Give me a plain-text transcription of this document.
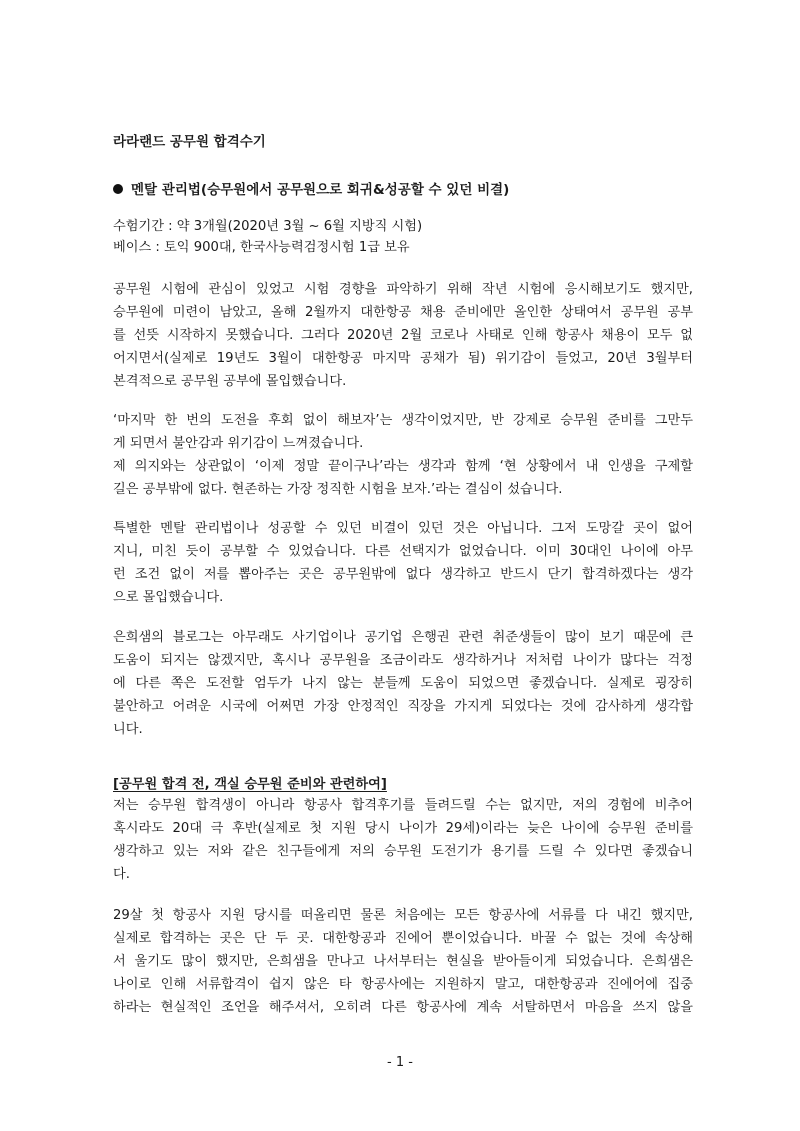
라라랜드 공무원 합격수기
멘탈 관리법(승무원에서 공무원으로 회귀&성공할 수 있던 비결)
수험기간 : 약 3개월(2020년 3월 ~ 6월 지방직 시험)
베이스 : 토익 900대, 한국사능력검정시험 1급 보유
공무원 시험에 관심이 있었고 시험 경향을 파악하기 위해 작년 시험에 응시해보기도 했지만,
승무원에 미련이 남았고, 올해 2월까지 대한항공 채용 준비에만 올인한 상태여서 공무원 공부
를 선뜻 시작하지 못했습니다. 그러다 2020년 2월 코로나 사태로 인해 항공사 채용이 모두 없
어지면서(실제로 19년도 3월이 대한항공 마지막 공채가 됨) 위기감이 들었고, 20년 3월부터
본격적으로 공무원 공부에 몰입했습니다.
‘마지막 한 번의 도전을 후회 없이 해보자’는 생각이었지만, 반 강제로 승무원 준비를 그만두
게 되면서 불안감과 위기감이 느껴졌습니다.
제 의지와는 상관없이 ‘이제 정말 끝이구나’라는 생각과 함께 ‘현 상황에서 내 인생을 구제할
길은 공부밖에 없다. 현존하는 가장 정직한 시험을 보자.’라는 결심이 섰습니다.
특별한 멘탈 관리법이나 성공할 수 있던 비결이 있던 것은 아닙니다. 그저 도망갈 곳이 없어
지니, 미친 듯이 공부할 수 있었습니다. 다른 선택지가 없었습니다. 이미 30대인 나이에 아무
런 조건 없이 저를 뽑아주는 곳은 공무원밖에 없다 생각하고 반드시 단기 합격하겠다는 생각
으로 몰입했습니다.
은희샘의 블로그는 아무래도 사기업이나 공기업 은행권 관련 취준생들이 많이 보기 때문에 큰
도움이 되지는 않겠지만, 혹시나 공무원을 조금이라도 생각하거나 저처럼 나이가 많다는 걱정
에 다른 쪽은 도전할 엄두가 나지 않는 분들께 도움이 되었으면 좋겠습니다. 실제로 굉장히
불안하고 어려운 시국에 어쩌면 가장 안정적인 직장을 가지게 되었다는 것에 감사하게 생각합
니다.
[공무원 합격 전, 객실 승무원 준비와 관련하여]
저는 승무원 합격생이 아니라 항공사 합격후기를 들려드릴 수는 없지만, 저의 경험에 비추어
혹시라도 20대 극 후반(실제로 첫 지원 당시 나이가 29세)이라는 늦은 나이에 승무원 준비를
생각하고 있는 저와 같은 친구들에게 저의 승무원 도전기가 용기를 드릴 수 있다면 좋겠습니
다.
29살 첫 항공사 지원 당시를 떠올리면 물론 처음에는 모든 항공사에 서류를 다 내긴 했지만,
실제로 합격하는 곳은 단 두 곳. 대한항공과 진에어 뿐이었습니다. 바꿀 수 없는 것에 속상해
서 울기도 많이 했지만, 은희샘을 만나고 나서부터는 현실을 받아들이게 되었습니다. 은희샘은
나이로 인해 서류합격이 쉽지 않은 타 항공사에는 지원하지 말고, 대한항공과 진에어에 집중
하라는 현실적인 조언을 해주셔서, 오히려 다른 항공사에 계속 서탈하면서 마음을 쓰지 않을
- 1 -
